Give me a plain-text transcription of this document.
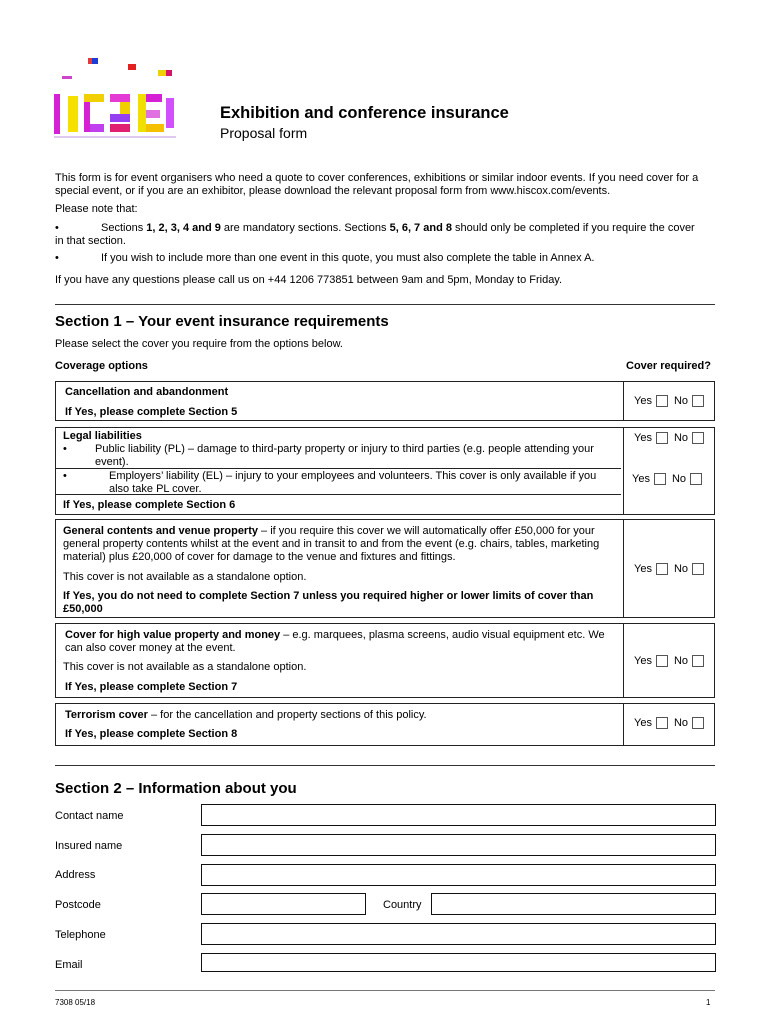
Exhibition and conference insurance
Proposal form

This form is for event organisers who need a quote to cover conferences, exhibitions or similar indoor events. If you need cover for a special event, or if you are an exhibitor, please download the relevant proposal form from www.hiscox.com/events.

Please note that:

•	Sections 1, 2, 3, 4 and 9 are mandatory sections. Sections 5, 6, 7 and 8 should only be completed if you require the cover in that section.
•	If you wish to include more than one event in this quote, you must also complete the table in Annex A.

If you have any questions please call us on +44 1206 773851 between 9am and 5pm, Monday to Friday.

Section 1 – Your event insurance requirements

Please select the cover you require from the options below.

Coverage options	Cover required?
Cancellation and abandonment
If Yes, please complete Section 5
Yes No
Legal liabilities
•	Public liability (PL) – damage to third-party property or injury to third parties (e.g. people attending your event).
•	Employers’ liability (EL) – injury to your employees and volunteers. This cover is only available if you also take PL cover.
If Yes, please complete Section 6
Yes No
Yes No
General contents and venue property – if you require this cover we will automatically offer £50,000 for your general property contents whilst at the event and in transit to and from the event (e.g. chairs, tables, marketing material) plus £20,000 of cover for damage to the venue and fixtures and fittings.
This cover is not available as a standalone option.
If Yes, you do not need to complete Section 7 unless you required higher or lower limits of cover than £50,000
Yes No
Cover for high value property and money – e.g. marquees, plasma screens, audio visual equipment etc. We can also cover money at the event.
This cover is not available as a standalone option.
If Yes, please complete Section 7
Yes No
Terrorism cover – for the cancellation and property sections of this policy.
If Yes, please complete Section 8
Yes No
Section 2 – Information about you
Contact name
Insured name
Address
Postcode	Country
Telephone
Email
7308 05/18	1
